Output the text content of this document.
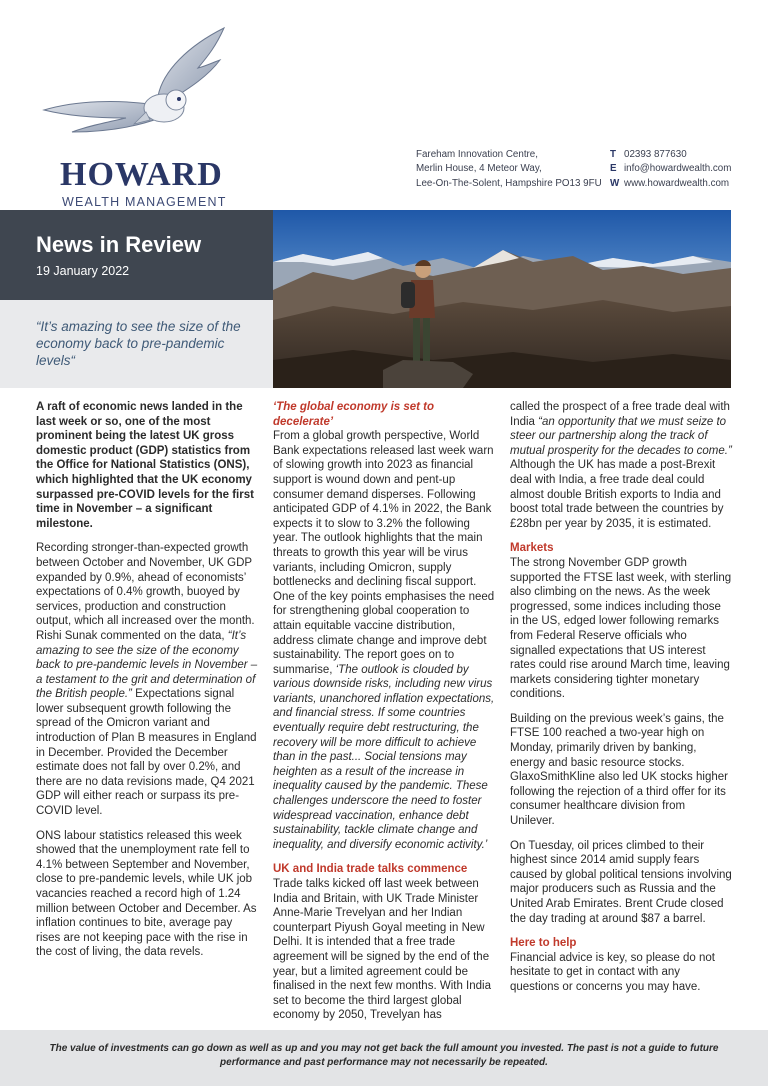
HOWARD
WEALTH MANAGEMENT
Fareham Innovation Centre,
Merlin House, 4 Meteor Way,
Lee-On-The-Solent, Hampshire PO13 9FU
T 02393 877630
E info@howardwealth.com
W www.howardwealth.com
News in Review
19 January 2022

“It’s amazing to see the size of the economy back to pre-pandemic levels“

A raft of economic news landed in the last week or so, one of the most prominent being the latest UK gross domestic product (GDP) statistics from the Office for National Statistics (ONS), which highlighted that the UK economy surpassed pre-COVID levels for the first time in November – a significant milestone.

Recording stronger-than-expected growth between October and November, UK GDP expanded by 0.9%, ahead of economists’ expectations of 0.4% growth, buoyed by services, production and construction output, which all increased over the month. Rishi Sunak commented on the data, “It’s amazing to see the size of the economy back to pre-pandemic levels in November – a testament to the grit and determination of the British people.” Expectations signal lower subsequent growth following the spread of the Omicron variant and introduction of Plan B measures in England in December. Provided the December estimate does not fall by over 0.2%, and there are no data revisions made, Q4 2021 GDP will either reach or surpass its pre-COVID level.

ONS labour statistics released this week showed that the unemployment rate fell to 4.1% between September and November, close to pre-pandemic levels, while UK job vacancies reached a record high of 1.24 million between October and December. As inflation continues to bite, average pay rises are not keeping pace with the rise in the cost of living, the data revels.

‘The global economy is set to decelerate’

From a global growth perspective, World Bank expectations released last week warn of slowing growth into 2023 as financial support is wound down and pent-up consumer demand disperses. Following anticipated GDP of 4.1% in 2022, the Bank expects it to slow to 3.2% the following year. The outlook highlights that the main threats to growth this year will be virus variants, including Omicron, supply bottlenecks and declining fiscal support. One of the key points emphasises the need for strengthening global cooperation to attain equitable vaccine distribution, address climate change and improve debt sustainability. The report goes on to summarise, ‘The outlook is clouded by various downside risks, including new virus variants, unanchored inflation expectations, and financial stress. If some countries eventually require debt restructuring, the recovery will be more difficult to achieve than in the past... Social tensions may heighten as a result of the increase in inequality caused by the pandemic. These challenges underscore the need to foster widespread vaccination, enhance debt sustainability, tackle climate change and inequality, and diversify economic activity.’

UK and India trade talks commence

Trade talks kicked off last week between India and Britain, with UK Trade Minister Anne-Marie Trevelyan and her Indian counterpart Piyush Goyal meeting in New Delhi. It is intended that a free trade agreement will be signed by the end of the year, but a limited agreement could be finalised in the next few months. With India set to become the third largest global economy by 2050, Trevelyan has

called the prospect of a free trade deal with India “an opportunity that we must seize to steer our partnership along the track of mutual prosperity for the decades to come.” Although the UK has made a post-Brexit deal with India, a free trade deal could almost double British exports to India and boost total trade between the countries by £28bn per year by 2035, it is estimated.

Markets

The strong November GDP growth supported the FTSE last week, with sterling also climbing on the news. As the week progressed, some indices including those in the US, edged lower following remarks from Federal Reserve officials who signalled expectations that US interest rates could rise around March time, leaving markets considering tighter monetary conditions.

Building on the previous week’s gains, the FTSE 100 reached a two-year high on Monday, primarily driven by banking, energy and basic resource stocks. GlaxoSmithKline also led UK stocks higher following the rejection of a third offer for its consumer healthcare division from Unilever.

On Tuesday, oil prices climbed to their highest since 2014 amid supply fears caused by global political tensions involving major producers such as Russia and the United Arab Emirates. Brent Crude closed the day trading at around $87 a barrel.

Here to help

Financial advice is key, so please do not hesitate to get in contact with any questions or concerns you may have.

The value of investments can go down as well as up and you may not get back the full amount you invested. The past is not a guide to future performance and past performance may not necessarily be repeated.
